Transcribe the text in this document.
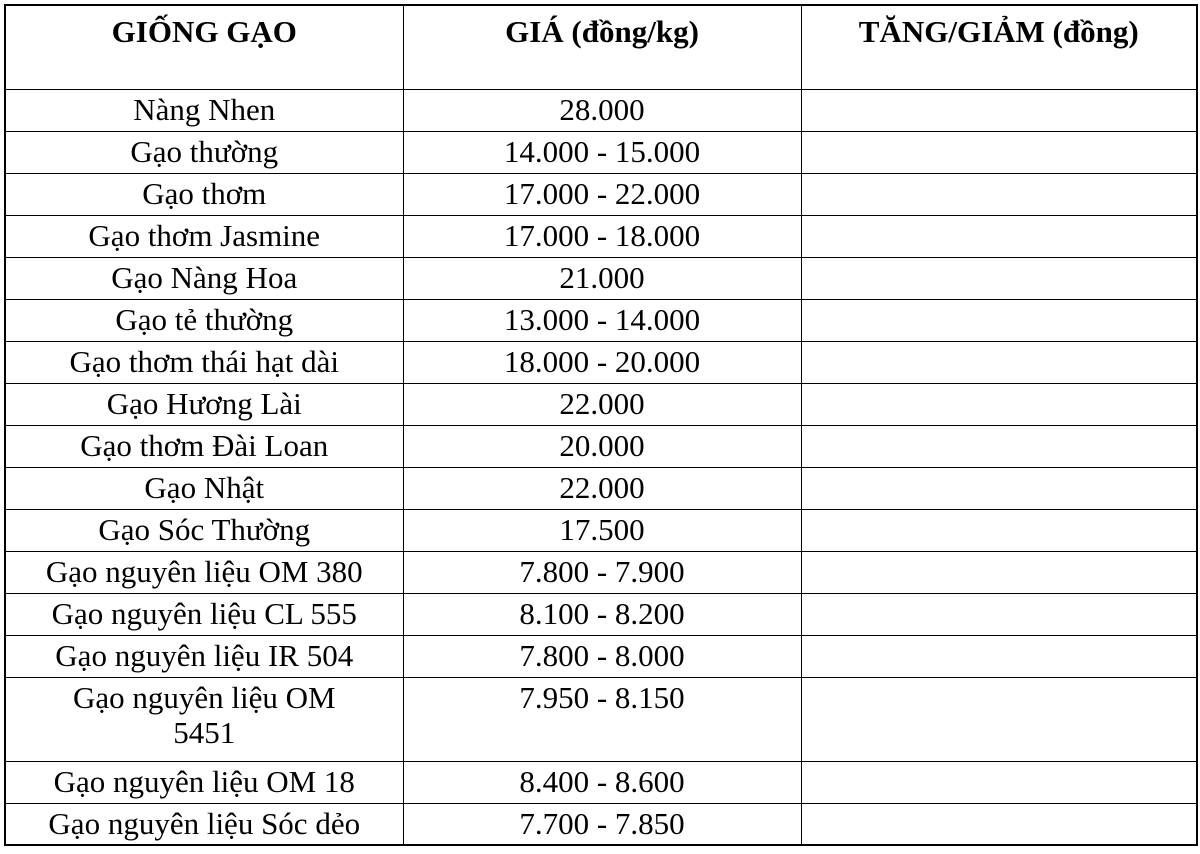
GIỐNG GẠO	GIÁ (đồng/kg)	TĂNG/GIẢM (đồng)
Nàng Nhen	28.000	
Gạo thường	14.000 - 15.000	
Gạo thơm	17.000 - 22.000	
Gạo thơm Jasmine	17.000 - 18.000	
Gạo Nàng Hoa	21.000	
Gạo tẻ thường	13.000 - 14.000	
Gạo thơm thái hạt dài	18.000 - 20.000	
Gạo Hương Lài	22.000	
Gạo thơm Đài Loan	20.000	
Gạo Nhật	22.000	
Gạo Sóc Thường	17.500	
Gạo nguyên liệu OM 380	7.800 - 7.900	
Gạo nguyên liệu CL 555	8.100 - 8.200	
Gạo nguyên liệu IR 504	7.800 - 8.000	
Gạo nguyên liệu OM 5451	7.950 - 8.150	
Gạo nguyên liệu OM 18	8.400 - 8.600	
Gạo nguyên liệu Sóc dẻo	7.700 - 7.850	
